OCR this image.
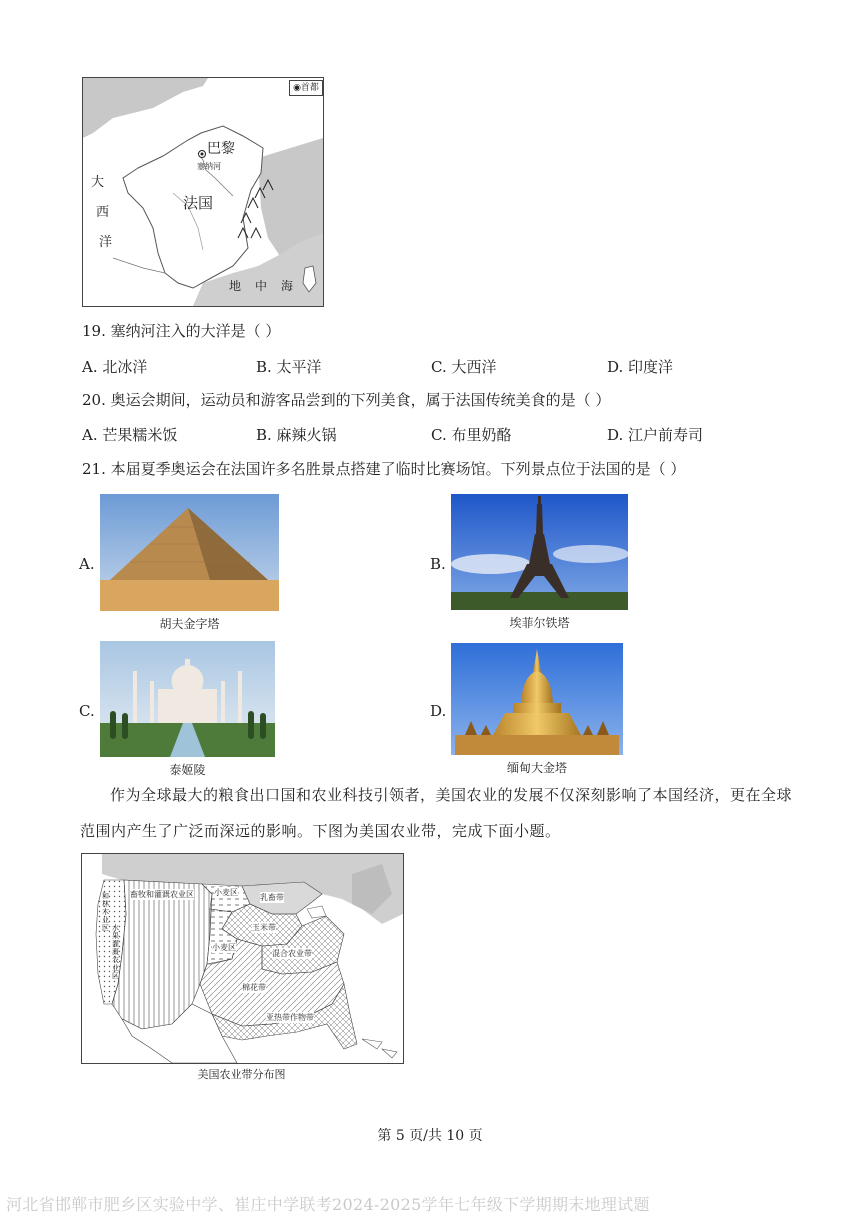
◉首都
巴黎
塞纳河
法国
大
西
洋
地 中 海
19. 塞纳河注入的大洋是（ ）
A. 北冰洋	B. 太平洋	C. 大西洋	D. 印度洋
20. 奥运会期间，运动员和游客品尝到的下列美食，属于法国传统美食的是（ ）
A. 芒果糯米饭	B. 麻辣火锅	C. 布里奶酪	D. 江户前寿司
21. 本届夏季奥运会在法国许多名胜景点搭建了临时比赛场馆。下列景点位于法国的是（ ）
A.
胡夫金字塔
B.
埃菲尔铁塔
C.
泰姬陵
D.
缅甸大金塔
作为全球最大的粮食出口国和农业科技引领者，美国农业的发展不仅深刻影响了本国经济，更在全球
范围内产生了广泛而深远的影响。下图为美国农业带，完成下面小题。
畜牧和灌溉农业区	小麦区
乳畜带
玉米带
小麦区
混合农业带
棉花带
亚热带作物带
和林木业区 水果灌溉农业区
美国农业带分布图
第 5 页/共 10 页
河北省邯郸市肥乡区实验中学、崔庄中学联考2024-2025学年七年级下学期期末地理试题
